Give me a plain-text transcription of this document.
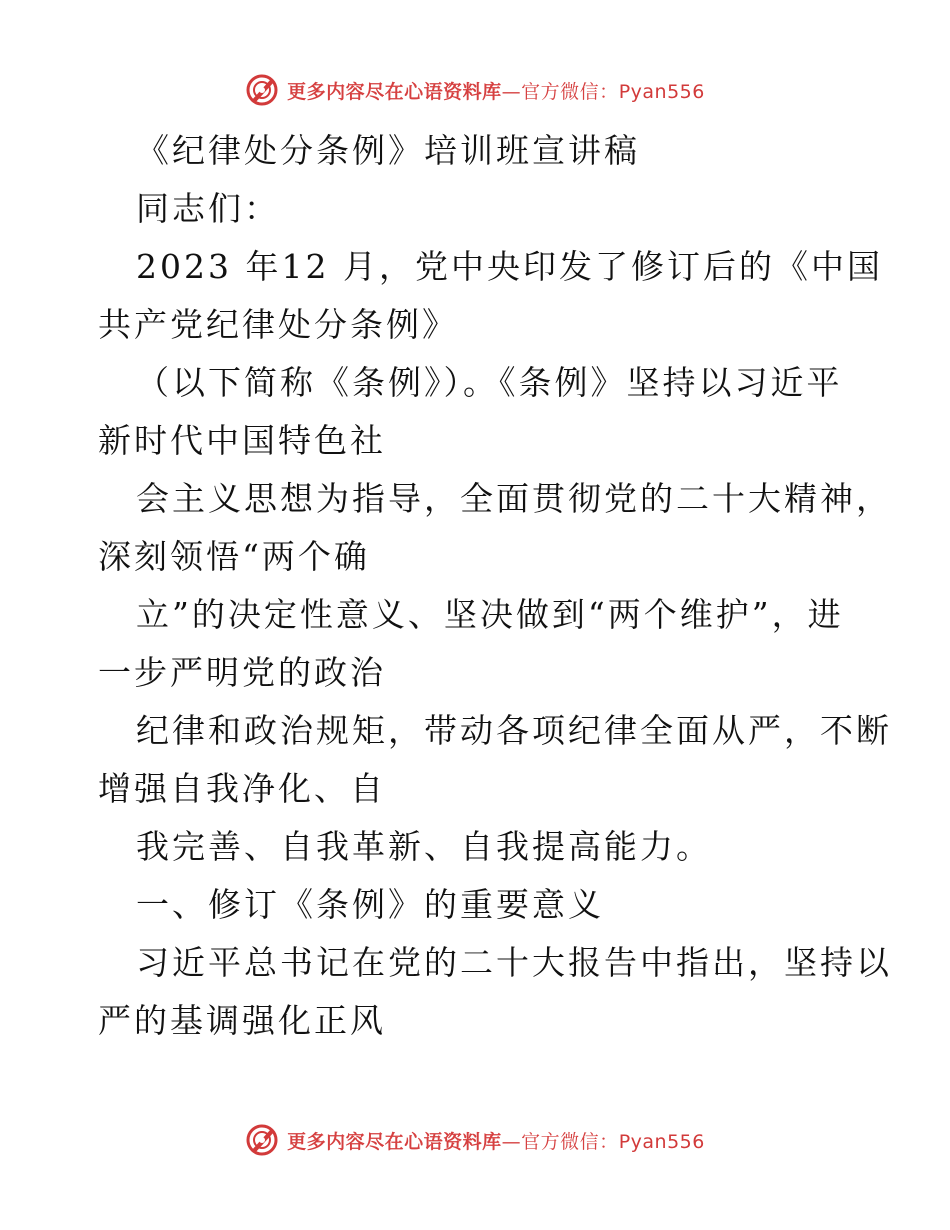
更多内容尽在心语资料库—官方微信：Pyan556
《纪律处分条例》培训班宣讲稿
同志们：
2023 年12 月，党中央印发了修订后的《中国
共产党纪律处分条例》
（以下简称《条例》）。《条例》坚持以习近平
新时代中国特色社
会主义思想为指导，全面贯彻党的二十大精神，
深刻领悟“两个确
立”的决定性意义、坚决做到“两个维护”，进
一步严明党的政治
纪律和政治规矩，带动各项纪律全面从严，不断
增强自我净化、自
我完善、自我革新、自我提高能力。
一、修订《条例》的重要意义
习近平总书记在党的二十大报告中指出，坚持以
严的基调强化正风
更多内容尽在心语资料库—官方微信：Pyan556
